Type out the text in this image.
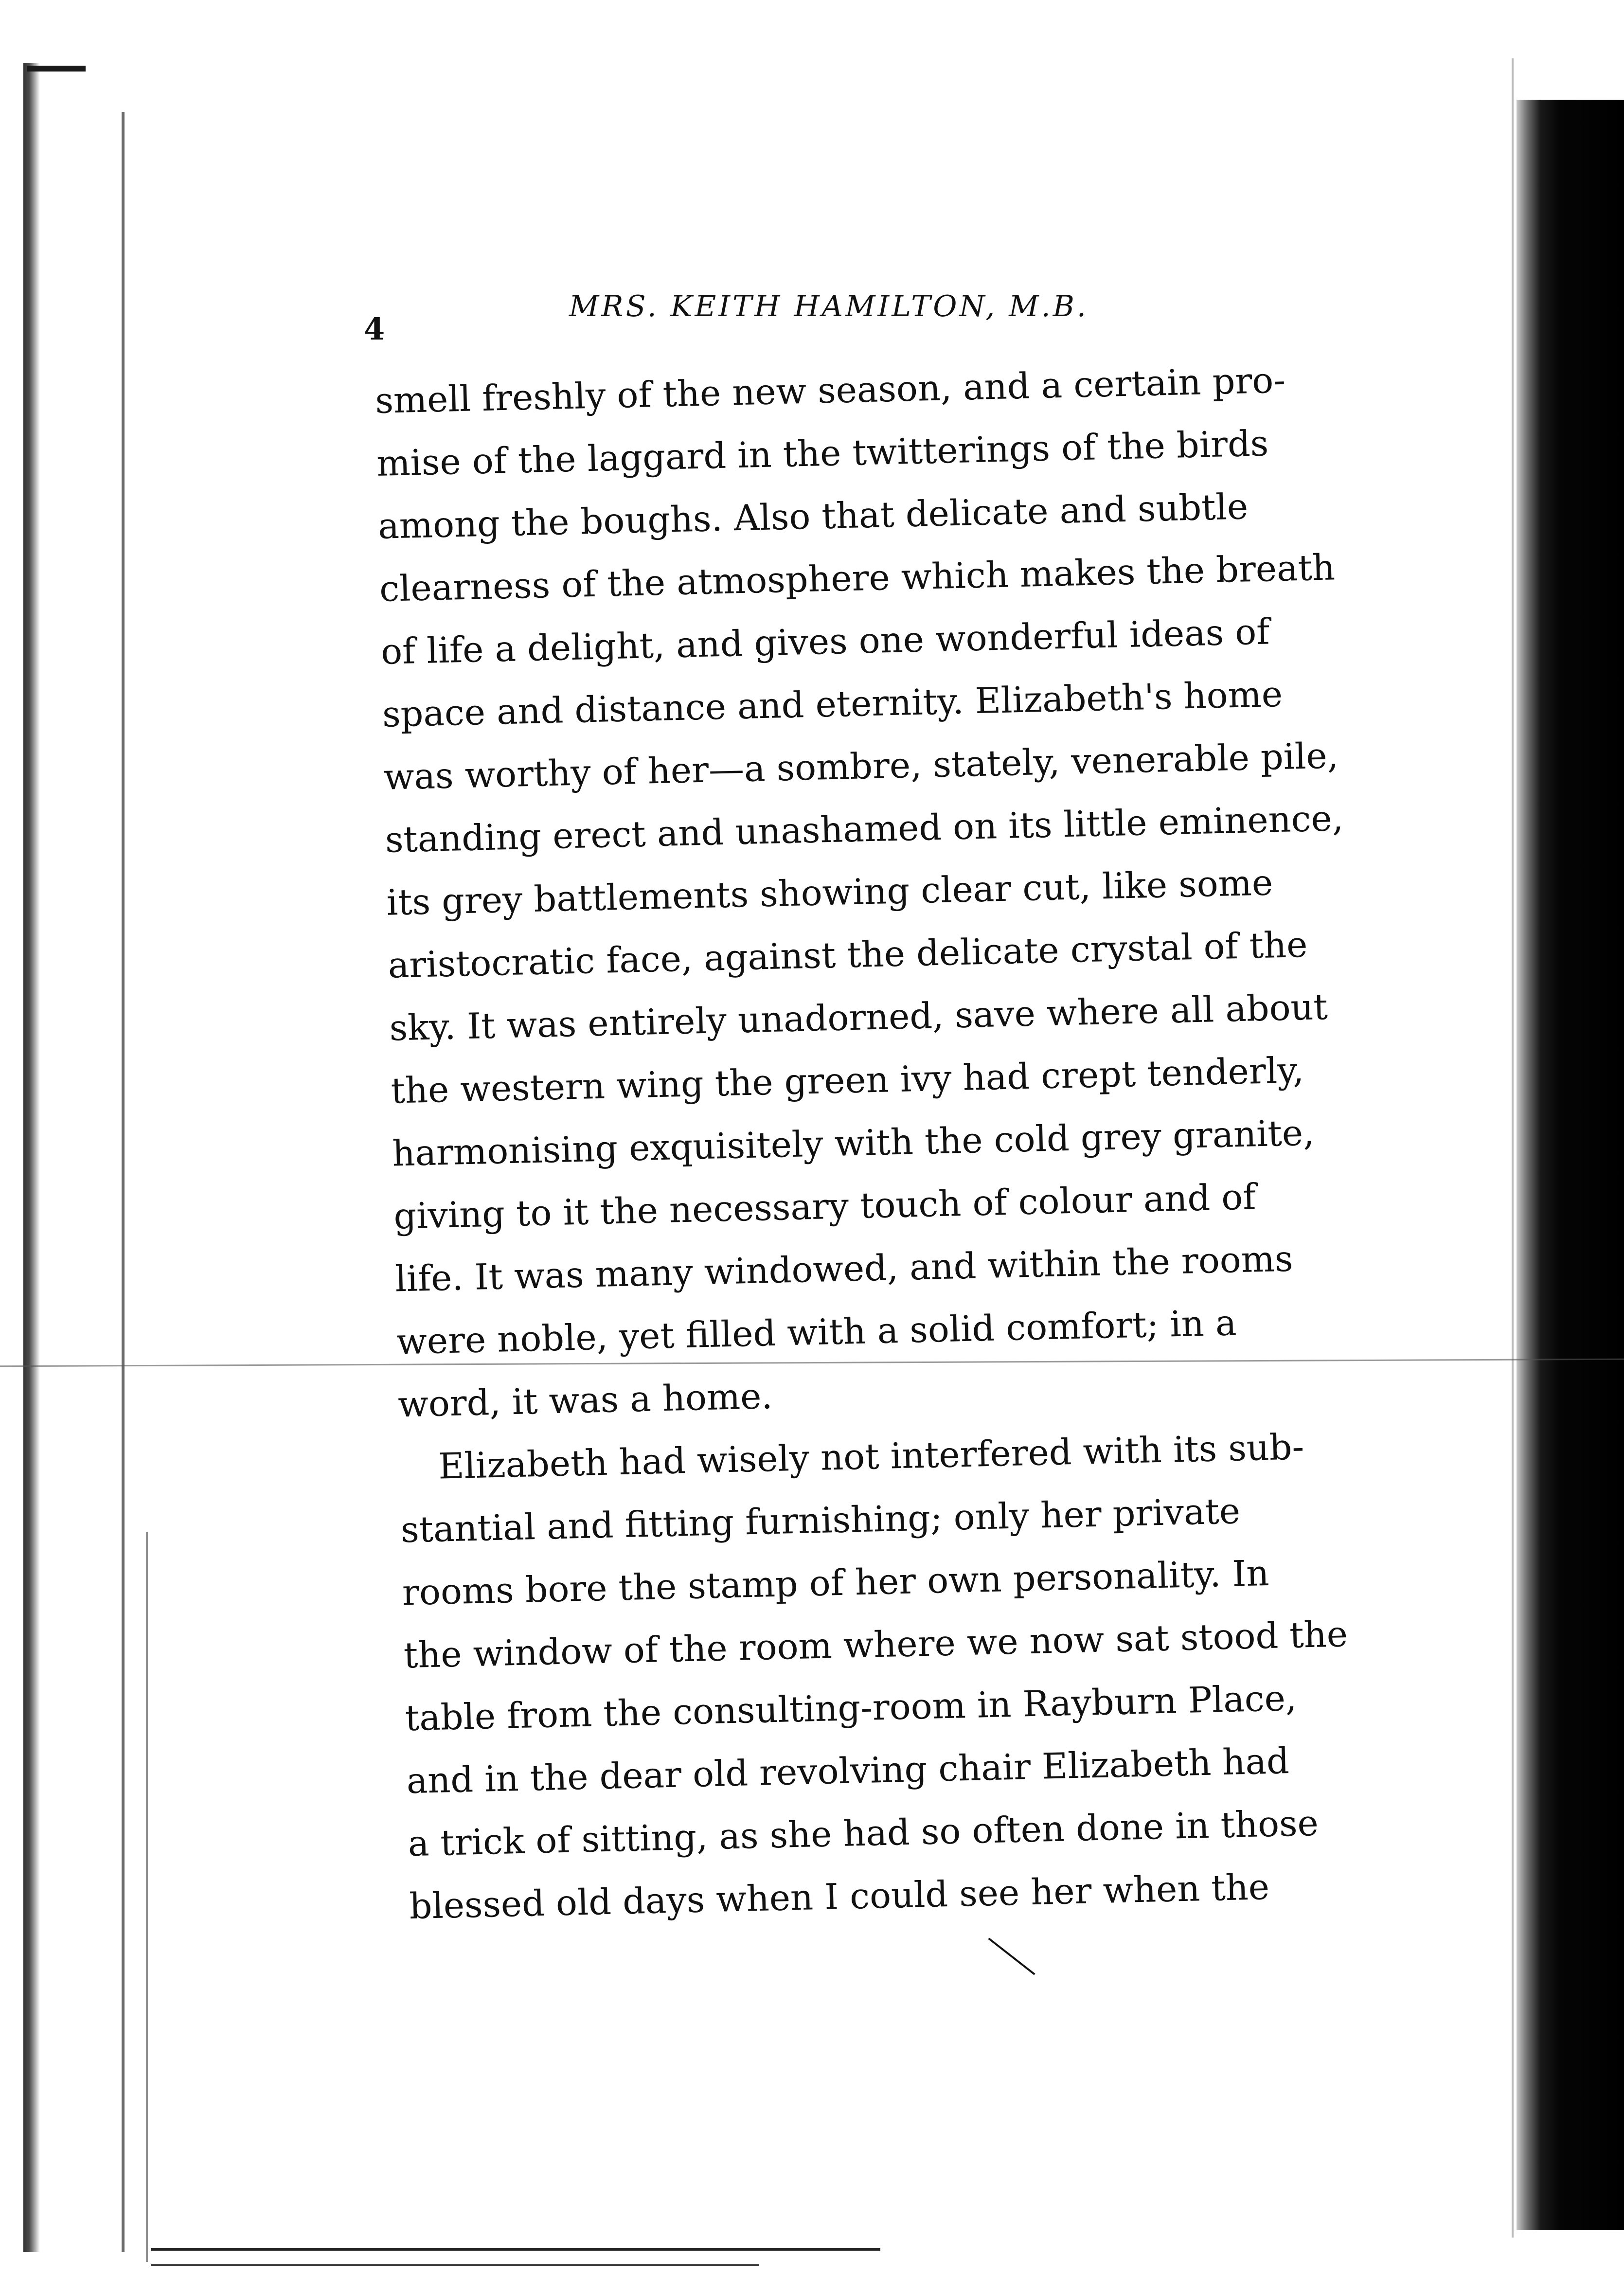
4
MRS. KEITH HAMILTON, M.B.
smell freshly of the new season, and a certain pro-
mise of the laggard in the twitterings of the birds
among the boughs. Also that delicate and subtle
clearness of the atmosphere which makes the breath
of life a delight, and gives one wonderful ideas of
space and distance and eternity. Elizabeth's home
was worthy of her—a sombre, stately, venerable pile,
standing erect and unashamed on its little eminence,
its grey battlements showing clear cut, like some
aristocratic face, against the delicate crystal of the
sky. It was entirely unadorned, save where all about
the western wing the green ivy had crept tenderly,
harmonising exquisitely with the cold grey granite,
giving to it the necessary touch of colour and of
life. It was many windowed, and within the rooms
were noble, yet filled with a solid comfort; in a
word, it was a home.
Elizabeth had wisely not interfered with its sub-
stantial and fitting furnishing; only her private
rooms bore the stamp of her own personality. In
the window of the room where we now sat stood the
table from the consulting-room in Rayburn Place,
and in the dear old revolving chair Elizabeth had
a trick of sitting, as she had so often done in those
blessed old days when I could see her when the
